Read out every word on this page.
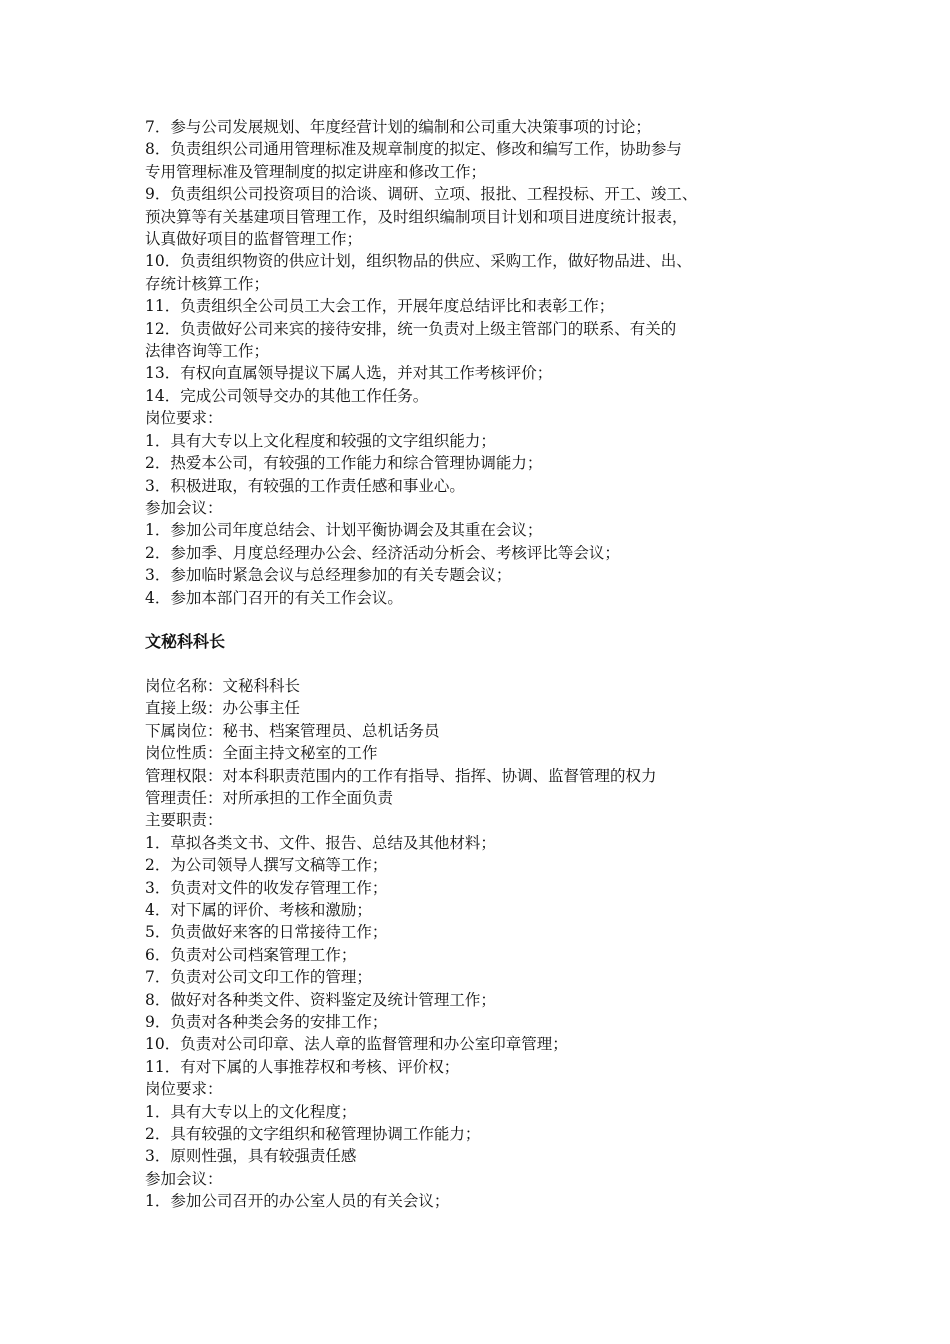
7．参与公司发展规划、年度经营计划的编制和公司重大决策事项的讨论；
8．负责组织公司通用管理标准及规章制度的拟定、修改和编写工作，协助参与
专用管理标准及管理制度的拟定讲座和修改工作；
9．负责组织公司投资项目的洽谈、调研、立项、报批、工程投标、开工、竣工、
预决算等有关基建项目管理工作，及时组织编制项目计划和项目进度统计报表，
认真做好项目的监督管理工作；
10．负责组织物资的供应计划，组织物品的供应、采购工作，做好物品进、出、
存统计核算工作；
11．负责组织全公司员工大会工作，开展年度总结评比和表彰工作；
12．负责做好公司来宾的接待安排，统一负责对上级主管部门的联系、有关的
法律咨询等工作；
13．有权向直属领导提议下属人选，并对其工作考核评价；
14．完成公司领导交办的其他工作任务。
岗位要求：
1．具有大专以上文化程度和较强的文字组织能力；
2．热爱本公司，有较强的工作能力和综合管理协调能力；
3．积极进取，有较强的工作责任感和事业心。
参加会议：
1．参加公司年度总结会、计划平衡协调会及其重在会议；
2．参加季、月度总经理办公会、经济活动分析会、考核评比等会议；
3．参加临时紧急会议与总经理参加的有关专题会议；
4．参加本部门召开的有关工作会议。
文秘科科长
岗位名称：文秘科科长
直接上级：办公事主任
下属岗位：秘书、档案管理员、总机话务员
岗位性质：全面主持文秘室的工作
管理权限：对本科职责范围内的工作有指导、指挥、协调、监督管理的权力
管理责任：对所承担的工作全面负责
主要职责：
1．草拟各类文书、文件、报告、总结及其他材料；
2．为公司领导人撰写文稿等工作；
3．负责对文件的收发存管理工作；
4．对下属的评价、考核和激励；
5．负责做好来客的日常接待工作；
6．负责对公司档案管理工作；
7．负责对公司文印工作的管理；
8．做好对各种类文件、资料鉴定及统计管理工作；
9．负责对各种类会务的安排工作；
10．负责对公司印章、法人章的监督管理和办公室印章管理；
11．有对下属的人事推荐权和考核、评价权；
岗位要求：
1．具有大专以上的文化程度；
2．具有较强的文字组织和秘管理协调工作能力；
3．原则性强，具有较强责任感
参加会议：
1．参加公司召开的办公室人员的有关会议；
